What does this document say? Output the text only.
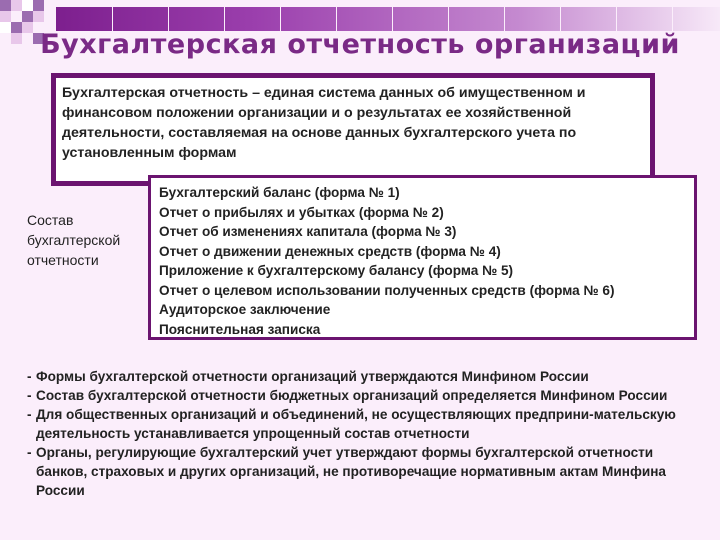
Бухгалтерская отчетность организаций
Бухгалтерская отчетность – единая система данных об имущественном и финансовом положении организации и о результатах ее хозяйственной деятельности, составляемая на основе данных бухгалтерского учета по установленным формам
Состав бухгалтерской отчетности
Бухгалтерский баланс (форма № 1)
Отчет о прибылях и убытках (форма № 2)
Отчет об изменениях капитала (форма № 3)
Отчет о движении денежных средств (форма № 4)
Приложение к бухгалтерскому балансу (форма № 5)
Отчет о целевом использовании полученных средств (форма № 6)
Аудиторское заключение
Пояснительная записка
- Формы бухгалтерской отчетности организаций утверждаются Минфином России
- Состав бухгалтерской отчетности бюджетных организаций определяется Минфином России
- Для общественных организаций и объединений, не осуществляющих предприни-мательскую деятельность устанавливается упрощенный состав отчетности
- Органы, регулирующие бухгалтерский учет утверждают формы бухгалтерской отчетности банков, страховых и других организаций, не противоречащие нормативным актам Минфина России
